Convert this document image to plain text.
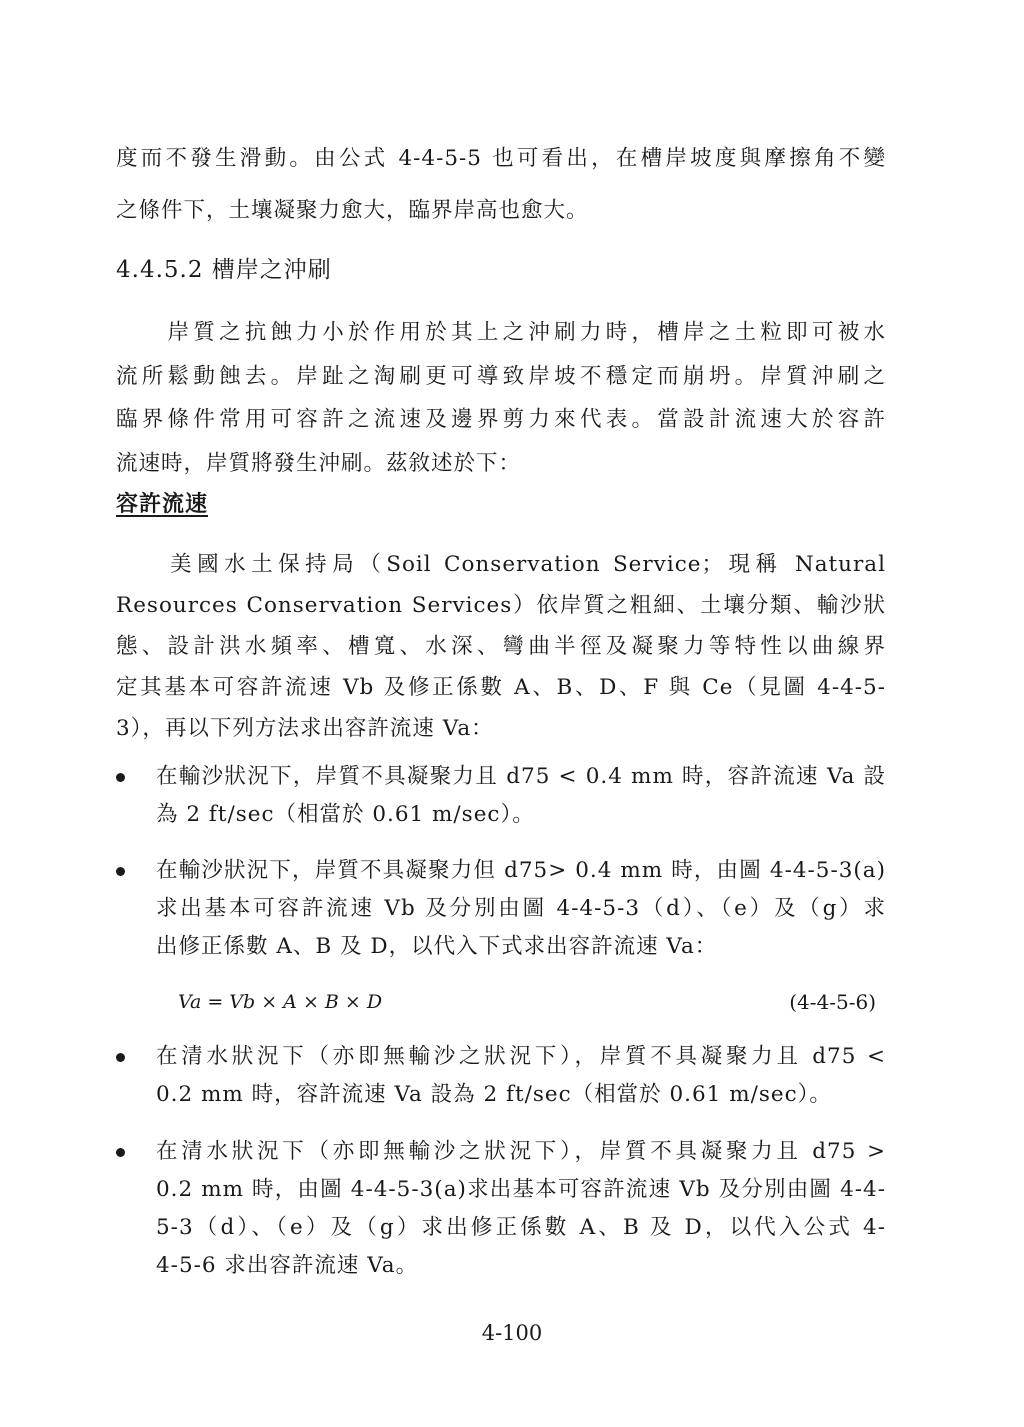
度而不發生滑動。由公式 4-4-5-5 也可看出，在槽岸坡度與摩擦角不變
之條件下，土壤凝聚力愈大，臨界岸高也愈大。
4.4.5.2 槽岸之沖刷
　　岸質之抗蝕力小於作用於其上之沖刷力時，槽岸之土粒即可被水
流所鬆動蝕去。岸趾之淘刷更可導致岸坡不穩定而崩坍。岸質沖刷之
臨界條件常用可容許之流速及邊界剪力來代表。當設計流速大於容許
流速時，岸質將發生沖刷。茲敘述於下：
容許流速
　　美國水土保持局（Soil Conservation Service；現稱 Natural
Resources Conservation Services）依岸質之粗細、土壤分類、輸沙狀
態、設計洪水頻率、槽寬、水深、彎曲半徑及凝聚力等特性以曲線界
定其基本可容許流速 Vb 及修正係數 A、B、D、F 與 Ce（見圖 4-4-5-
3），再以下列方法求出容許流速 Va：
在輸沙狀況下，岸質不具凝聚力且 d75 < 0.4 mm 時，容許流速 Va 設
為 2 ft/sec（相當於 0.61 m/sec）。
在輸沙狀況下，岸質不具凝聚力但 d75> 0.4 mm 時，由圖 4-4-5-3(a)
求出基本可容許流速 Vb 及分別由圖 4-4-5-3（d）、（e）及（g）求
出修正係數 A、B 及 D，以代入下式求出容許流速 Va：
Va = Vb × A × B × D	(4-4-5-6)
在清水狀況下（亦即無輸沙之狀況下），岸質不具凝聚力且 d75 <
0.2 mm 時，容許流速 Va 設為 2 ft/sec（相當於 0.61 m/sec）。
在清水狀況下（亦即無輸沙之狀況下），岸質不具凝聚力且 d75 >
0.2 mm 時，由圖 4-4-5-3(a)求出基本可容許流速 Vb 及分別由圖 4-4-
5-3（d）、（e）及（g）求出修正係數 A、B 及 D，以代入公式 4-
4-5-6 求出容許流速 Va。
4-100
